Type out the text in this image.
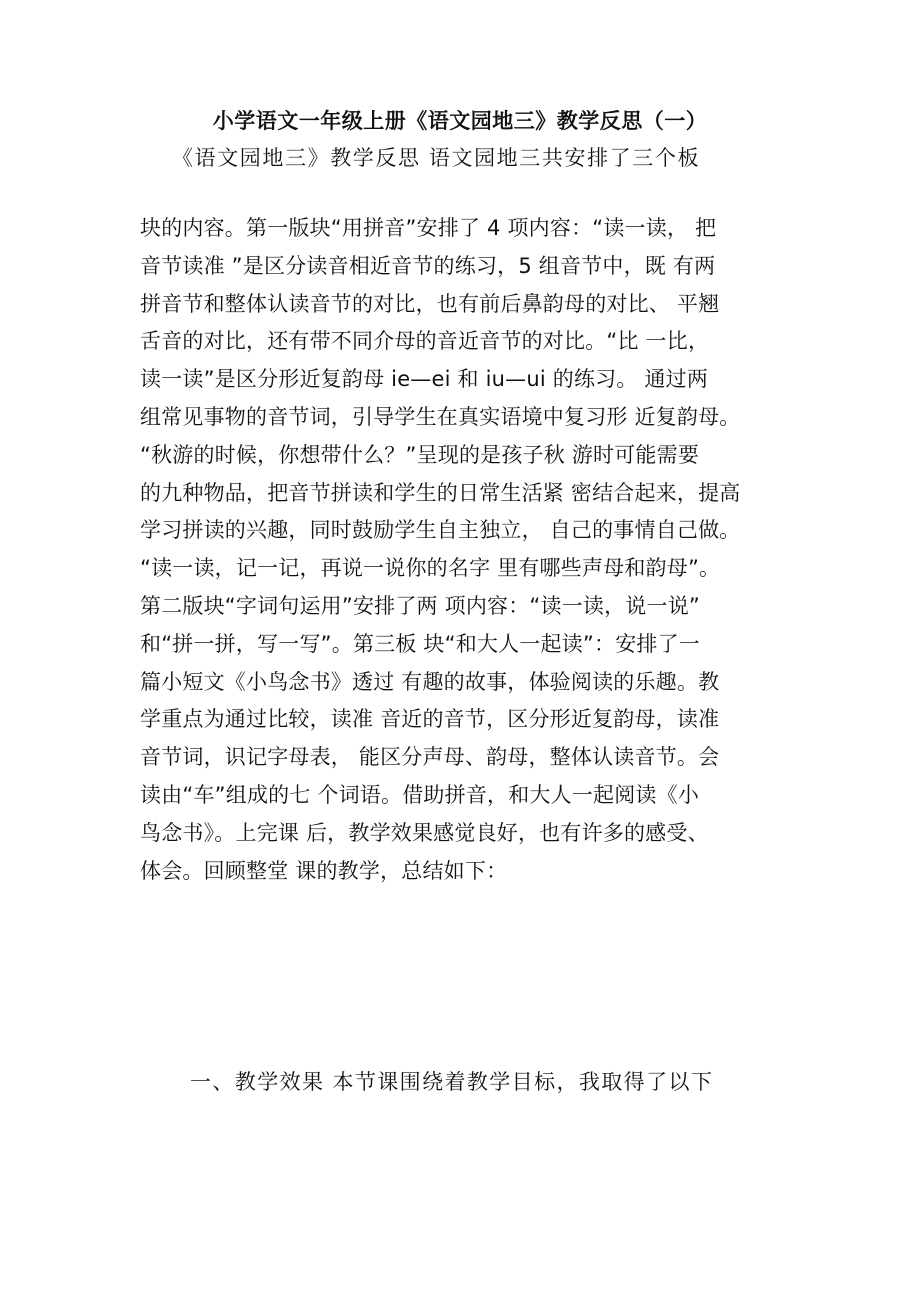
小学语文一年级上册《语文园地三》教学反思（一）
《语文园地三》教学反思 语文园地三共安排了三个板
块的内容。第一版块“用拼音”安排了 4 项内容：“读一读， 把
音节读准 ”是区分读音相近音节的练习，5 组音节中，既 有两
拼音节和整体认读音节的对比，也有前后鼻韵母的对比、 平翘
舌音的对比，还有带不同介母的音近音节的对比。“比 一比，
读一读”是区分形近复韵母 ie—ei 和 iu—ui 的练习。 通过两
组常见事物的音节词，引导学生在真实语境中复习形 近复韵母。
“秋游的时候，你想带什么？”呈现的是孩子秋 游时可能需要
的九种物品，把音节拼读和学生的日常生活紧 密结合起来，提高
学习拼读的兴趣，同时鼓励学生自主独立， 自己的事情自己做。
“读一读，记一记，再说一说你的名字 里有哪些声母和韵母”。
第二版块“字词句运用”安排了两 项内容：“读一读，说一说”
和“拼一拼，写一写”。第三板 块“和大人一起读”：安排了一
篇小短文《小鸟念书》透过 有趣的故事，体验阅读的乐趣。教
学重点为通过比较，读准 音近的音节，区分形近复韵母，读准
音节词，识记字母表， 能区分声母、韵母，整体认读音节。会
读由“车”组成的七 个词语。借助拼音，和大人一起阅读《小
鸟念书》。上完课 后，教学效果感觉良好，也有许多的感受、
体会。回顾整堂 课的教学，总结如下：
一、教学效果 本节课围绕着教学目标，我取得了以下
